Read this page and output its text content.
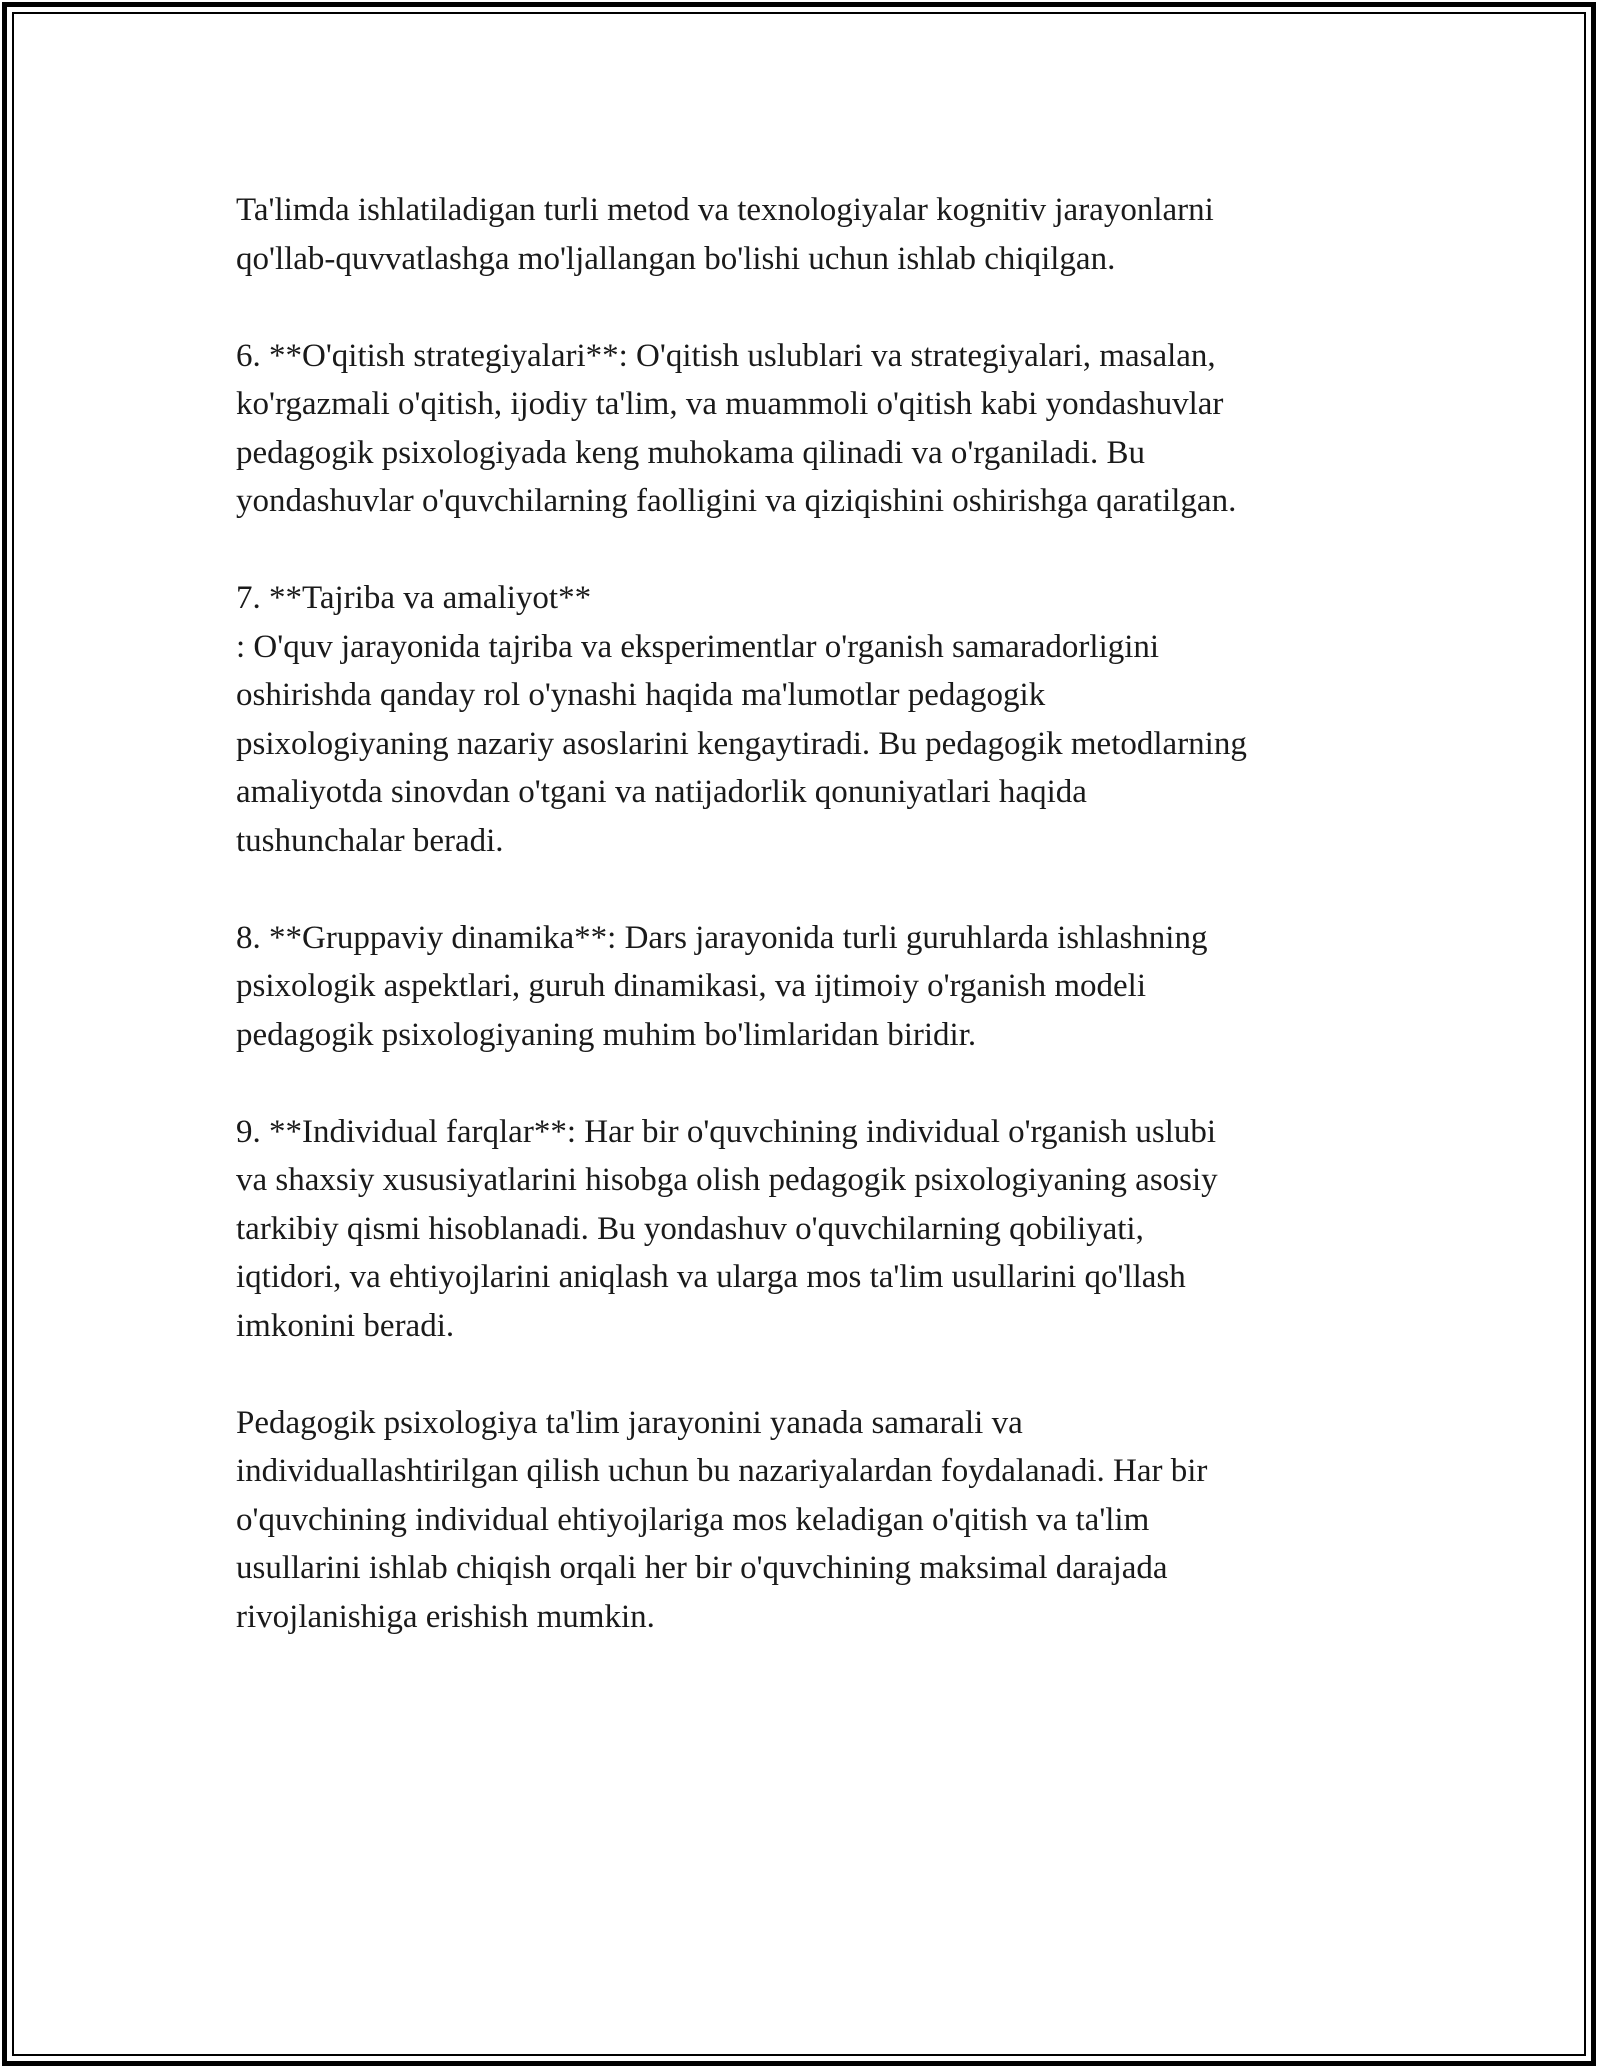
Ta'limda ishlatiladigan turli metod va texnologiyalar kognitiv jarayonlarni
qo'llab-quvvatlashga mo'ljallangan bo'lishi uchun ishlab chiqilgan.

6. **O'qitish strategiyalari**: O'qitish uslublari va strategiyalari, masalan,
ko'rgazmali o'qitish, ijodiy ta'lim, va muammoli o'qitish kabi yondashuvlar
pedagogik psixologiyada keng muhokama qilinadi va o'rganiladi. Bu
yondashuvlar o'quvchilarning faolligini va qiziqishini oshirishga qaratilgan.

7. **Tajriba va amaliyot**
: O'quv jarayonida tajriba va eksperimentlar o'rganish samaradorligini
oshirishda qanday rol o'ynashi haqida ma'lumotlar pedagogik
psixologiyaning nazariy asoslarini kengaytiradi. Bu pedagogik metodlarning
amaliyotda sinovdan o'tgani va natijadorlik qonuniyatlari haqida
tushunchalar beradi.

8. **Gruppaviy dinamika**: Dars jarayonida turli guruhlarda ishlashning
psixologik aspektlari, guruh dinamikasi, va ijtimoiy o'rganish modeli
pedagogik psixologiyaning muhim bo'limlaridan biridir.

9. **Individual farqlar**: Har bir o'quvchining individual o'rganish uslubi
va shaxsiy xususiyatlarini hisobga olish pedagogik psixologiyaning asosiy
tarkibiy qismi hisoblanadi. Bu yondashuv o'quvchilarning qobiliyati,
iqtidori, va ehtiyojlarini aniqlash va ularga mos ta'lim usullarini qo'llash
imkonini beradi.

Pedagogik psixologiya ta'lim jarayonini yanada samarali va
individuallashtirilgan qilish uchun bu nazariyalardan foydalanadi. Har bir
o'quvchining individual ehtiyojlariga mos keladigan o'qitish va ta'lim
usullarini ishlab chiqish orqali her bir o'quvchining maksimal darajada
rivojlanishiga erishish mumkin.
